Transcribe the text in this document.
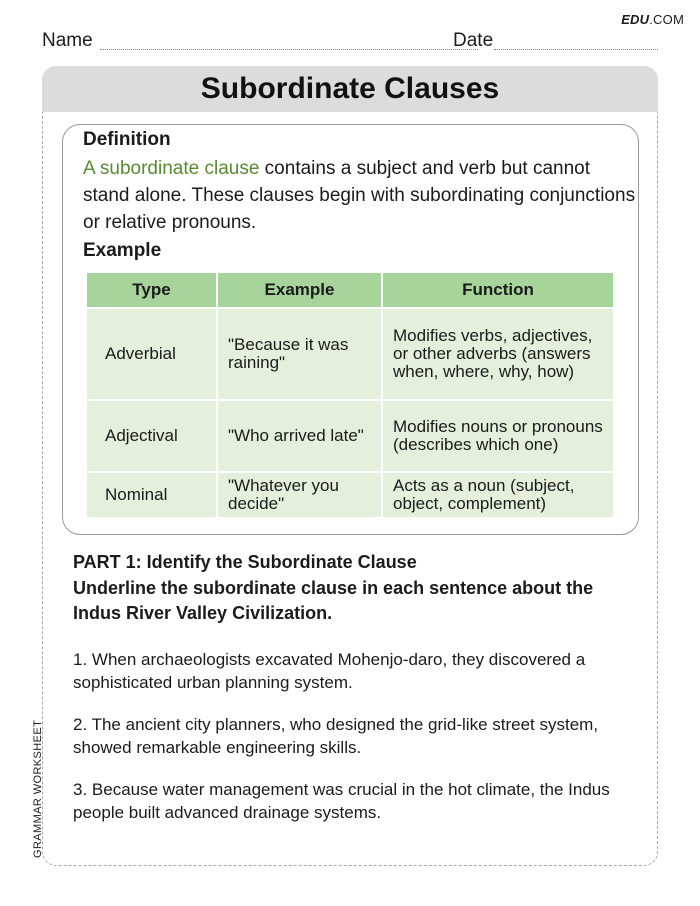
EDU.COM
Name	Date
Subordinate Clauses
Definition
A subordinate clause contains a subject and verb but cannot stand alone. These clauses begin with subordinating conjunctions or relative pronouns.
Example
Type	Example	Function
Adverbial	"Because it was raining"	Modifies verbs, adjectives, or other adverbs (answers when, where, why, how)
Adjectival	"Who arrived late"	Modifies nouns or pronouns (describes which one)
Nominal	"Whatever you decide"	Acts as a noun (subject, object, complement)
PART 1: Identify the Subordinate Clause
Underline the subordinate clause in each sentence about the Indus River Valley Civilization.
1. When archaeologists excavated Mohenjo-daro, they discovered a sophisticated urban planning system.
2. The ancient city planners, who designed the grid-like street system, showed remarkable engineering skills.
3. Because water management was crucial in the hot climate, the Indus people built advanced drainage systems.
GRAMMAR WORKSHEET
